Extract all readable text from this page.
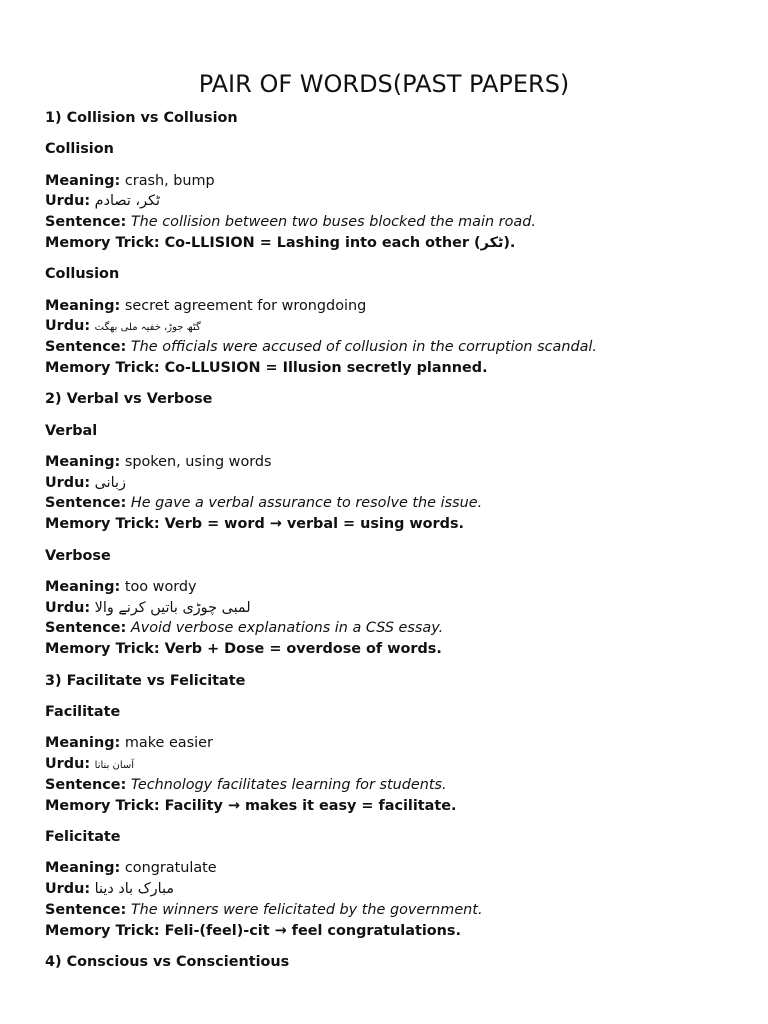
PAIR OF WORDS(PAST PAPERS)
1) Collision vs Collusion
Collision
Meaning: crash, bump
Urdu: ٹکر، تصادم
Sentence: The collision between two buses blocked the main road.
Memory Trick: Co-LLISION = Lashing into each other (ٹکر).
Collusion
Meaning: secret agreement for wrongdoing
Urdu: گٹھ جوڑ، خفیہ ملی بھگت
Sentence: The officials were accused of collusion in the corruption scandal.
Memory Trick: Co-LLUSION = Illusion secretly planned.
2) Verbal vs Verbose
Verbal
Meaning: spoken, using words
Urdu: زبانی
Sentence: He gave a verbal assurance to resolve the issue.
Memory Trick: Verb = word → verbal = using words.
Verbose
Meaning: too wordy
Urdu: لمبی چوڑی باتیں کرنے والا
Sentence: Avoid verbose explanations in a CSS essay.
Memory Trick: Verb + Dose = overdose of words.
3) Facilitate vs Felicitate
Facilitate
Meaning: make easier
Urdu: آسان بنانا
Sentence: Technology facilitates learning for students.
Memory Trick: Facility → makes it easy = facilitate.
Felicitate
Meaning: congratulate
Urdu: مبارک باد دینا
Sentence: The winners were felicitated by the government.
Memory Trick: Feli-(feel)-cit → feel congratulations.
4) Conscious vs Conscientious
